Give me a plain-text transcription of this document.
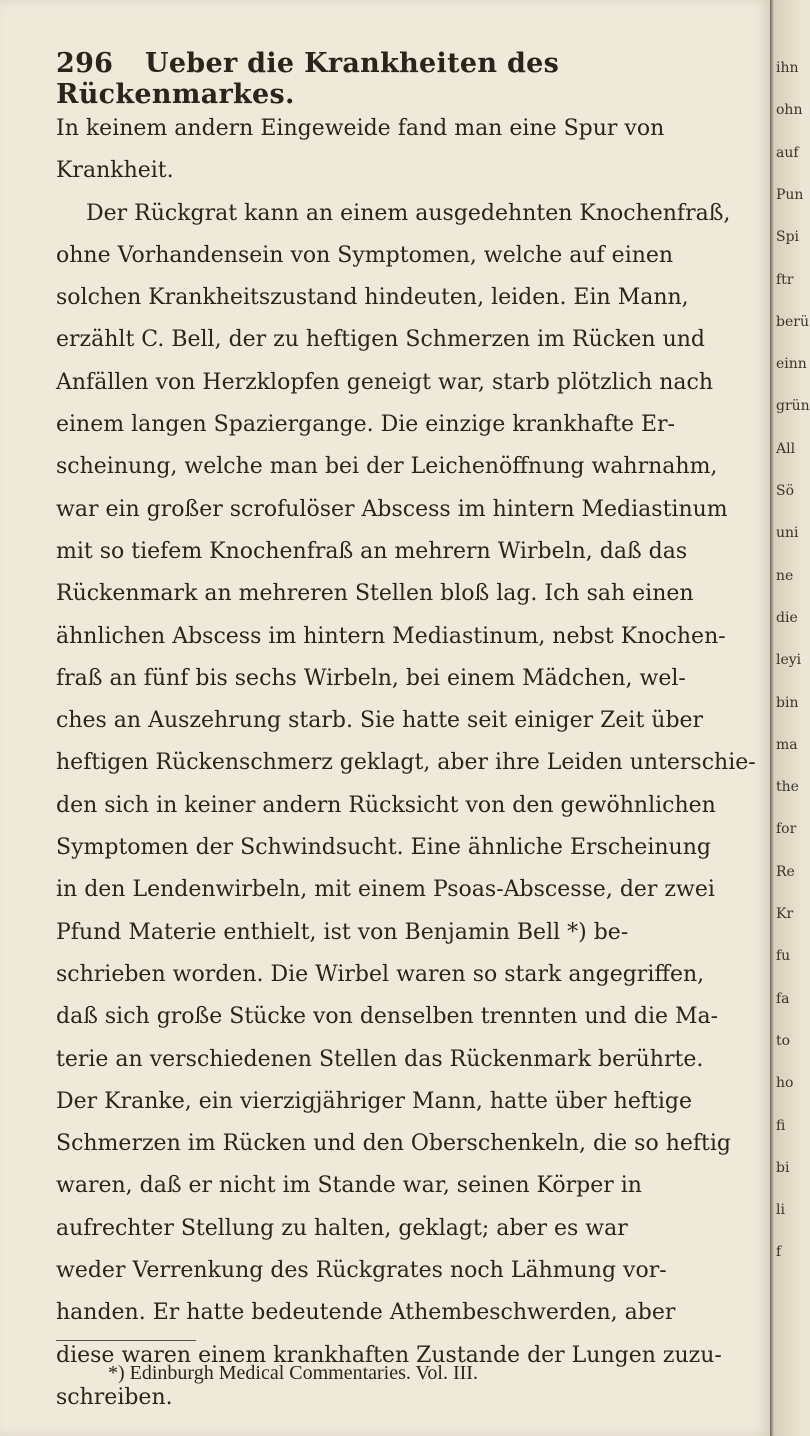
296 Ueber die Krankheiten des Rückenmarkes.
In keinem andern Eingeweide fand man eine Spur von
Krankheit.
Der Rückgrat kann an einem ausgedehnten Knochenfraß,
ohne Vorhandensein von Symptomen, welche auf einen
solchen Krankheitszustand hindeuten, leiden. Ein Mann,
erzählt C. Bell, der zu heftigen Schmerzen im Rücken und
Anfällen von Herzklopfen geneigt war, starb plötzlich nach
einem langen Spaziergange. Die einzige krankhafte Er-
scheinung, welche man bei der Leichenöffnung wahrnahm,
war ein großer scrofulöser Abscess im hintern Mediastinum
mit so tiefem Knochenfraß an mehrern Wirbeln, daß das
Rückenmark an mehreren Stellen bloß lag. Ich sah einen
ähnlichen Abscess im hintern Mediastinum, nebst Knochen-
fraß an fünf bis sechs Wirbeln, bei einem Mädchen, wel-
ches an Auszehrung starb. Sie hatte seit einiger Zeit über
heftigen Rückenschmerz geklagt, aber ihre Leiden unterschie-
den sich in keiner andern Rücksicht von den gewöhnlichen
Symptomen der Schwindsucht. Eine ähnliche Erscheinung
in den Lendenwirbeln, mit einem Psoas-Abscesse, der zwei
Pfund Materie enthielt, ist von Benjamin Bell *) be-
schrieben worden. Die Wirbel waren so stark angegriffen,
daß sich große Stücke von denselben trennten und die Ma-
terie an verschiedenen Stellen das Rückenmark berührte.
Der Kranke, ein vierzigjähriger Mann, hatte über heftige
Schmerzen im Rücken und den Oberschenkeln, die so heftig
waren, daß er nicht im Stande war, seinen Körper in
aufrechter Stellung zu halten, geklagt; aber es war
weder Verrenkung des Rückgrates noch Lähmung vor-
handen. Er hatte bedeutende Athembeschwerden, aber
diese waren einem krankhaften Zustande der Lungen zuzu-
schreiben.
*) Edinburgh Medical Commentaries. Vol. III.
ihn
ohn
auf
Pun
Spi
ftr
berü
einn
grün
All
Sö
uni
ne
die
leyi
bin
ma
the
for
Re
Kr
fu
fa
to
ho
fi
bi
li
f
